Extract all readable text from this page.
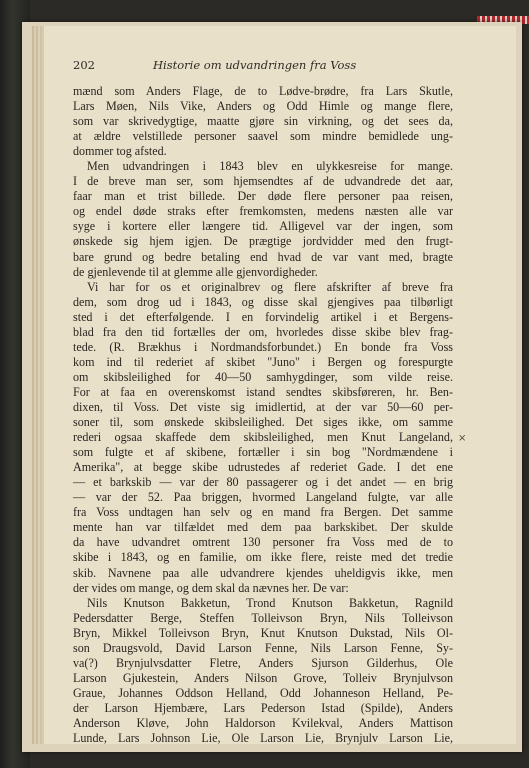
202	Historie om udvandringen fra Voss
mænd som Anders Flage, de to Lødve-brødre, fra Lars Skutle,
Lars Møen, Nils Vike, Anders og Odd Himle og mange flere,
som var skrivedygtige, maatte gjøre sin virkning, og det sees da,
at ældre velstillede personer saavel som mindre bemidlede ung-
dommer tog afsted.
Men udvandringen i 1843 blev en ulykkesreise for mange.
I de breve man ser, som hjemsendtes af de udvandrede det aar,
faar man et trist billede. Der døde flere personer paa reisen,
og endel døde straks efter fremkomsten, medens næsten alle var
syge i kortere eller længere tid. Alligevel var der ingen, som
ønskede sig hjem igjen. De prægtige jordvidder med den frugt-
bare grund og bedre betaling end hvad de var vant med, bragte
de gjenlevende til at glemme alle gjenvordigheder.
Vi har for os et originalbrev og flere afskrifter af breve fra
dem, som drog ud i 1843, og disse skal gjengives paa tilbørligt
sted i det efterfølgende. I en forvindelig artikel i et Bergens-
blad fra den tid fortælles der om, hvorledes disse skibe blev frag-
tede. (R. Brækhus i Nordmandsforbundet.) En bonde fra Voss
kom ind til rederiet af skibet "Juno" i Bergen og forespurgte
om skibsleilighed for 40—50 samhygdinger, som vilde reise.
For at faa en overenskomst istand sendtes skibsføreren, hr. Ben-
dixen, til Voss. Det viste sig imidlertid, at der var 50—60 per-
soner til, som ønskede skibsleilighed. Det siges ikke, om samme
rederi ogsaa skaffede dem skibsleilighed, men Knut Langeland,
som fulgte et af skibene, fortæller i sin bog "Nordmændene i
Amerika", at begge skibe udrustedes af rederiet Gade. I det ene
— et barkskib — var der 80 passagerer og i det andet — en brig
— var der 52. Paa briggen, hvormed Langeland fulgte, var alle
fra Voss undtagen han selv og en mand fra Bergen. Det samme
mente han var tilfældet med dem paa barkskibet. Der skulde
da have udvandret omtrent 130 personer fra Voss med de to
skibe i 1843, og en familie, om ikke flere, reiste med det tredie
skib. Navnene paa alle udvandrere kjendes uheldigvis ikke, men
der vides om mange, og dem skal da nævnes her. De var:
Nils Knutson Bakketun, Trond Knutson Bakketun, Ragnild
Pedersdatter Berge, Steffen Tolleivson Bryn, Nils Tolleivson
Bryn, Mikkel Tolleivson Bryn, Knut Knutson Dukstad, Nils Ol-
son Draugsvold, David Larson Fenne, Nils Larson Fenne, Sy-
va(?) Brynjulvsdatter Fletre, Anders Sjurson Gilderhus, Ole
Larson Gjukestein, Anders Nilson Grove, Tolleiv Brynjulvson
Graue, Johannes Oddson Helland, Odd Johanneson Helland, Pe-
der Larson Hjembære, Lars Pederson Istad (Spilde), Anders
Anderson Kløve, John Haldorson Kvilekval, Anders Mattison
Lunde, Lars Johnson Lie, Ole Larson Lie, Brynjulv Larson Lie,
×
